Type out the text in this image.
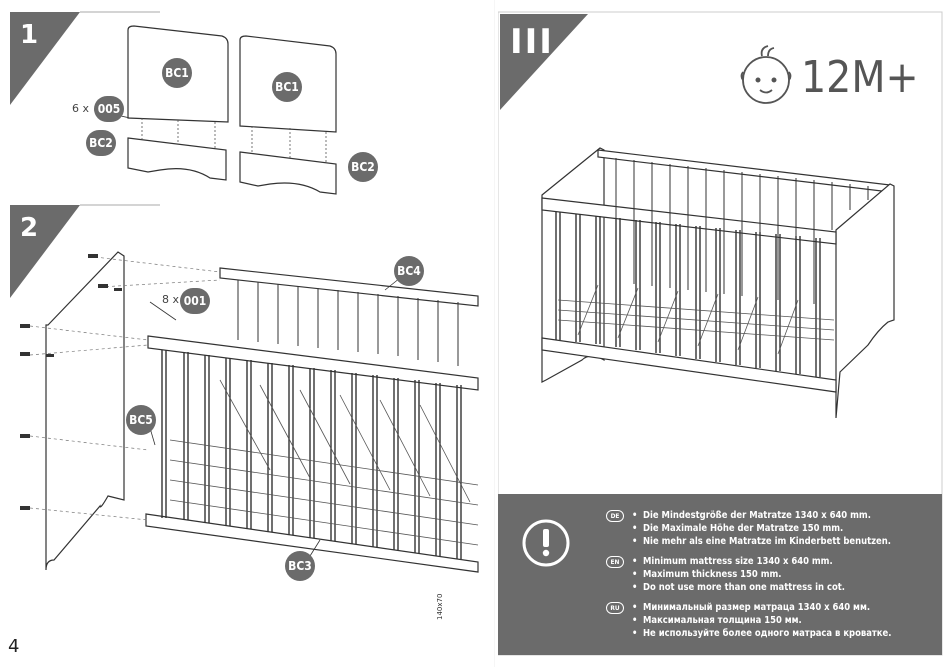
1
2
BC1
BC1
6 x 005
BC2
BC2
BC4
8 x 001
BC5
BC3
4
140x70
III
12M+
DE	• Die Mindestgröße der Matratze 1340 x 640 mm.
• Die Maximale Höhe der Matratze 150 mm.
• Nie mehr als eine Matratze im Kinderbett benutzen.
EN	• Minimum mattress size 1340 x 640 mm.
• Maximum thickness 150 mm.
• Do not use more than one mattress in cot.
RU	• Минимальный размер матраца 1340 x 640 мм.
• Максимальная толщина 150 мм.
• Не используйте более одного матраса в кроватке.
